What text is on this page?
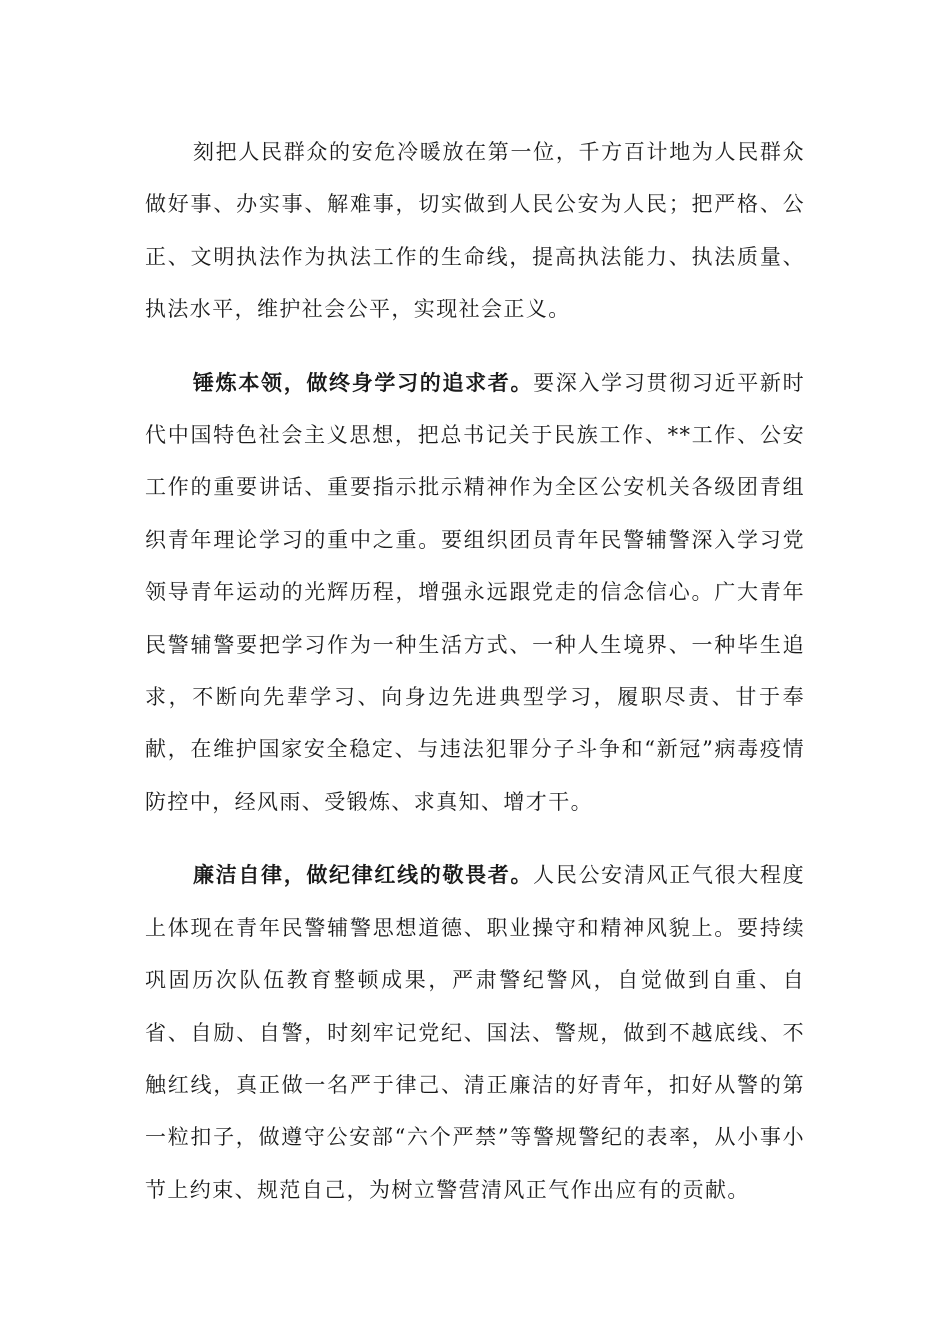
刻把人民群众的安危冷暖放在第一位，千方百计地为人民群众做好事、办实事、解难事，切实做到人民公安为人民；把严格、公正、文明执法作为执法工作的生命线，提高执法能力、执法质量、执法水平，维护社会公平，实现社会正义。

锤炼本领，做终身学习的追求者。要深入学习贯彻习近平新时代中国特色社会主义思想，把总书记关于民族工作、**工作、公安工作的重要讲话、重要指示批示精神作为全区公安机关各级团青组织青年理论学习的重中之重。要组织团员青年民警辅警深入学习党领导青年运动的光辉历程，增强永远跟党走的信念信心。广大青年民警辅警要把学习作为一种生活方式、一种人生境界、一种毕生追求，不断向先辈学习、向身边先进典型学习，履职尽责、甘于奉献，在维护国家安全稳定、与违法犯罪分子斗争和“新冠”病毒疫情防控中，经风雨、受锻炼、求真知、增才干。

廉洁自律，做纪律红线的敬畏者。人民公安清风正气很大程度上体现在青年民警辅警思想道德、职业操守和精神风貌上。要持续巩固历次队伍教育整顿成果，严肃警纪警风，自觉做到自重、自省、自励、自警，时刻牢记党纪、国法、警规，做到不越底线、不触红线，真正做一名严于律己、清正廉洁的好青年，扣好从警的第一粒扣子，做遵守公安部“六个严禁”等警规警纪的表率，从小事小节上约束、规范自己，为树立警营清风正气作出应有的贡献。
